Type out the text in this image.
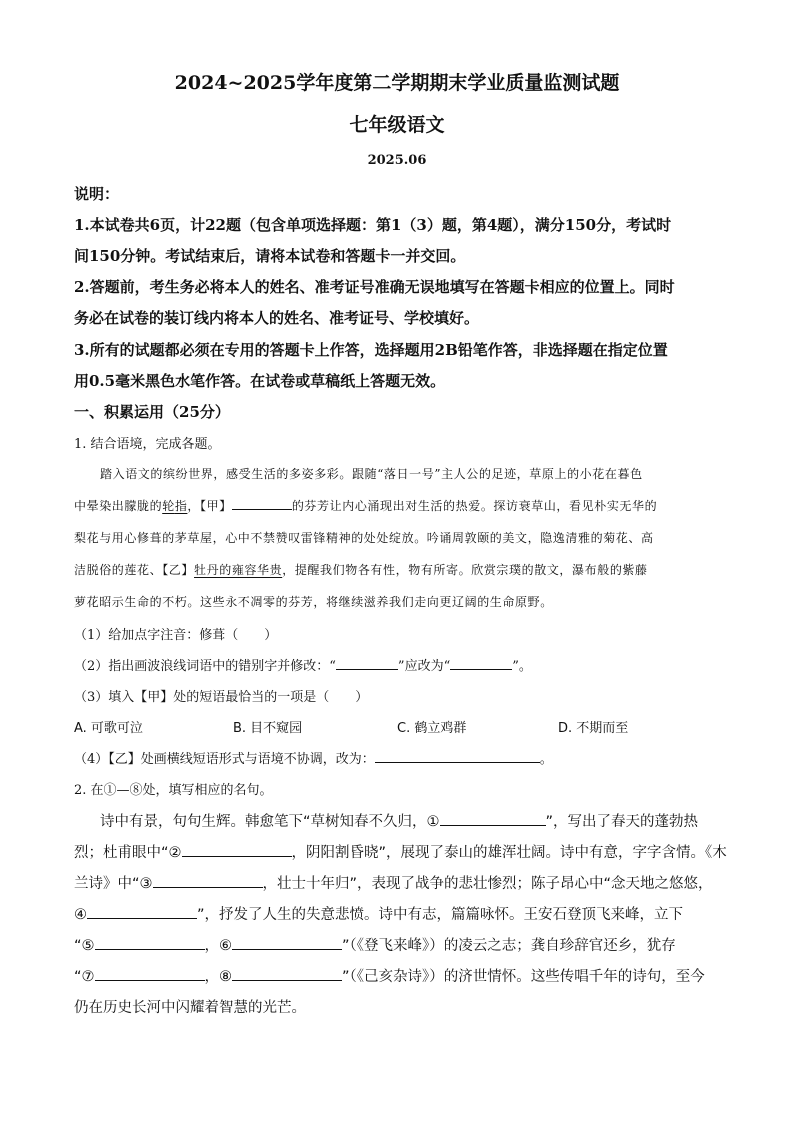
2024~2025学年度第二学期期末学业质量监测试题
七年级语文
2025.06
说明：
1.本试卷共6页，计22题（包含单项选择题：第1（3）题，第4题），满分150分，考试时
间150分钟。考试结束后，请将本试卷和答题卡一并交回。
2.答题前，考生务必将本人的姓名、准考证号准确无误地填写在答题卡相应的位置上。同时
务必在试卷的装订线内将本人的姓名、准考证号、学校填好。
3.所有的试题都必须在专用的答题卡上作答，选择题用2B铅笔作答，非选择题在指定位置
用0.5毫米黑色水笔作答。在试卷或草稿纸上答题无效。
一、积累运用（25分）
1. 结合语境，完成各题。
踏入语文的缤纷世界，感受生活的多姿多彩。跟随“落日一号”主人公的足迹，草原上的小花在暮色
中晕染出朦胧的轮指，【甲】	的芬芳让内心涌现出对生活的热爱。探访衰草山，看见朴实无华的
梨花与用心修葺的茅草屋，心中不禁赞叹雷锋精神的处处绽放。吟诵周敦颐的美文，隐逸清雅的菊花、高
洁脱俗的莲花、【乙】牡丹的雍容华贵，提醒我们物各有性，物有所寄。欣赏宗璞的散文，瀑布般的紫藤
萝花昭示生命的不朽。这些永不凋零的芬芳，将继续滋养我们走向更辽阔的生命原野。
（1）给加点字注音：修葺（　　）
（2）指出画波浪线词语中的错别字并修改：“	”应改为“	”。
（3）填入【甲】处的短语最恰当的一项是（　　）
A. 可歌可泣	B. 目不窥园	C. 鹤立鸡群	D. 不期而至
（4）【乙】处画横线短语形式与语境不协调，改为：	。
2. 在①—⑧处，填写相应的名句。
诗中有景，句句生辉。韩愈笔下“草树知春不久归，①	”，写出了春天的蓬勃热
烈；杜甫眼中“②	，阴阳割昏晓”，展现了泰山的雄浑壮阔。诗中有意，字字含情。《木
兰诗》中“③	，壮士十年归”，表现了战争的悲壮惨烈；陈子昂心中“念天地之悠悠，
④	”，抒发了人生的失意悲愤。诗中有志，篇篇咏怀。王安石登顶飞来峰，立下
“⑤	，⑥	”（《登飞来峰》）的凌云之志；龚自珍辞官还乡，犹存
“⑦	，⑧	”（《己亥杂诗》）的济世情怀。这些传唱千年的诗句，至今
仍在历史长河中闪耀着智慧的光芒。
